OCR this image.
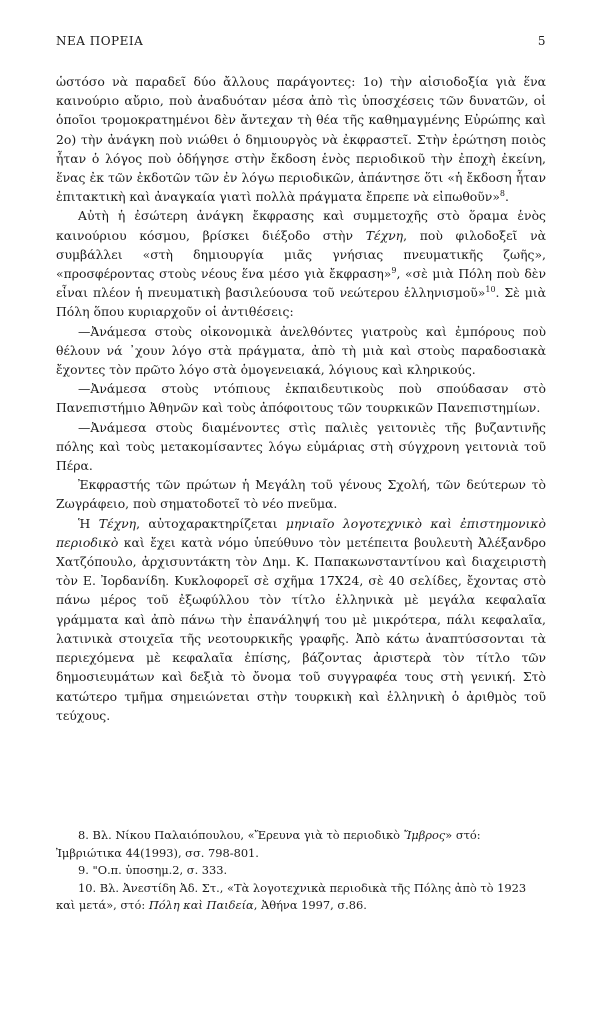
ΝΕΑ ΠΟΡΕΙΑ	5

ὡστόσο νὰ παραδεῖ δύο ἄλλους παράγοντες: 1ο) τὴν αἰσιοδοξία γιὰ ἕνα καινούριο αὔριο, ποὺ ἀναδυόταν μέσα ἀπὸ τὶς ὑποσχέσεις τῶν δυνατῶν, οἱ ὁποῖοι τρομοκρατημένοι δὲν ἄντεχαν τὴ θέα τῆς καθημαγμένης Εὐρώπης καὶ 2ο) τὴν ἀνάγκη ποὺ νιώθει ὁ δημιουργὸς νὰ ἐκφραστεῖ. Στὴν ἐρώτηση ποιὸς ἦταν ὁ λόγος ποὺ ὁδήγησε στὴν ἔκδοση ἑνὸς περιοδικοῦ τὴν ἐποχὴ ἐκείνη, ἕνας ἐκ τῶν ἐκδοτῶν τῶν ἐν λόγω περιοδικῶν, ἀπάντησε ὅτι «ἡ ἔκδοση ἦταν ἐπιτακτικὴ καὶ ἀναγκαία γιατὶ πολλὰ πράγματα ἔπρεπε νὰ εἰπωθοῦν»$^8$.

Αὐτὴ ἡ ἐσώτερη ἀνάγκη ἔκφρασης καὶ συμμετοχῆς στὸ ὅραμα ἑνὸς καινούριου κόσμου, βρίσκει διέξοδο στὴν Τέχνη, ποὺ φιλοδοξεῖ νὰ συμβάλλει «στὴ δημιουργία μιᾶς γνήσιας πνευματικῆς ζωῆς», «προσφέροντας στοὺς νέους ἕνα μέσο γιὰ ἔκφραση»$^9$, «σὲ μιὰ Πόλη ποὺ δὲν εἶναι πλέον ἡ πνευματικὴ βασιλεύουσα τοῦ νεώτερου ἑλληνισμοῦ»$^{10}$. Σὲ μιὰ Πόλη ὅπου κυριαρχοῦν οἱ ἀντιθέσεις:

—Ἀνάμεσα στοὺς οἰκονομικὰ ἀνελθόντες γιατροὺς καὶ ἐμπόρους ποὺ θέλουν νά ᾽χουν λόγο στὰ πράγματα, ἀπὸ τὴ μιὰ καὶ στοὺς παραδοσιακὰ ἔχοντες τὸν πρῶτο λόγο στὰ ὁμογενειακά, λόγιους καὶ κληρικούς.

—Ἀνάμεσα στοὺς ντόπιους ἐκπαιδευτικοὺς ποὺ σπούδασαν στὸ Πανεπιστήμιο Ἀθηνῶν καὶ τοὺς ἀπόφοιτους τῶν τουρκικῶν Πανεπιστημίων.

—Ἀνάμεσα στοὺς διαμένοντες στὶς παλιὲς γειτονιὲς τῆς βυζαντινῆς πόλης καὶ τοὺς μετακομίσαντες λόγω εὐμάριας στὴ σύγχρονη γειτονιὰ τοῦ Πέρα.

Ἐκφραστής τῶν πρώτων ἡ Μεγάλη τοῦ γένους Σχολή, τῶν δεύτερων τὸ Ζωγράφειο, ποὺ σηματοδοτεῖ τὸ νέο πνεῦμα.

Ἡ Τέχνη, αὐτοχαρακτηρίζεται μηνιαῖο λογοτεχνικὸ καὶ ἐπιστημονικὸ περιοδικὸ καὶ ἔχει κατὰ νόμο ὑπεύθυνο τὸν μετέπειτα βουλευτὴ Ἀλέξανδρο Χατζόπουλο, ἀρχισυντάκτη τὸν Δημ. Κ. Παπακωνσταντίνου καὶ διαχειριστὴ τὸν Ε. Ἰορδανίδη. Κυκλοφορεῖ σὲ σχῆμα 17Χ24, σὲ 40 σελίδες, ἔχοντας στὸ πάνω μέρος τοῦ ἐξωφύλλου τὸν τίτλο ἑλληνικὰ μὲ μεγάλα κεφαλαῖα γράμματα καὶ ἀπὸ πάνω τὴν ἐπανάληψή του μὲ μικρότερα, πάλι κεφαλαῖα, λατινικὰ στοιχεῖα τῆς νεοτουρκικῆς γραφῆς. Ἀπὸ κάτω ἀναπτύσσονται τὰ περιεχόμενα μὲ κεφαλαῖα ἐπίσης, βάζοντας ἀριστερὰ τὸν τίτλο τῶν δημοσιευμάτων καὶ δεξιὰ τὸ ὄνομα τοῦ συγγραφέα τους στὴ γενική. Στὸ κατώτερο τμῆμα σημειώνεται στὴν τουρκικὴ καὶ ἑλληνικὴ ὁ ἀριθμὸς τοῦ τεύχους.

8. Βλ. Νίκου Παλαιόπουλου, «Ἔρευνα γιὰ τὸ περιοδικὸ Ἴμβρος» στό: Ἰμβριώτικα 44(1993), σσ. 798-801.

9. "Ο.π. ὑποσημ.2, σ. 333.

10. Βλ. Ἀνεστίδη Ἀδ. Στ., «Τὰ λογοτεχνικὰ περιοδικὰ τῆς Πόλης ἀπὸ τὸ 1923 καὶ μετά», στό: Πόλη καὶ Παιδεία, Ἀθήνα 1997, σ.86.
